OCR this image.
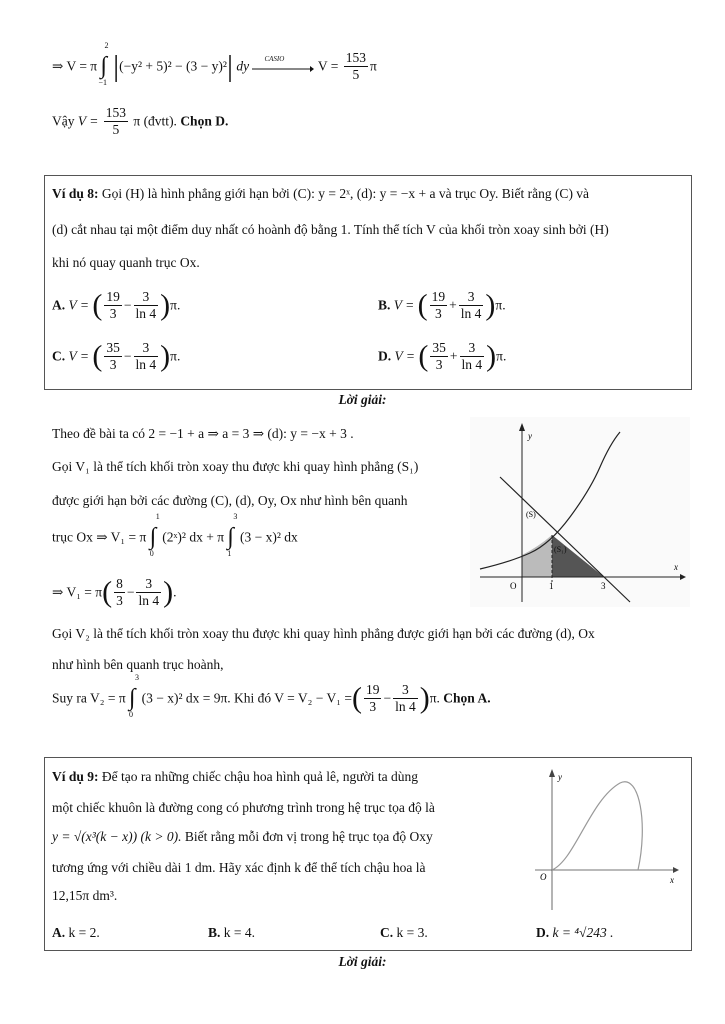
⇒ V = π ∫
2
−1 |(−y² + 5)² − (3 − y)²| dy CASIO $V = \frac{153}{5}$ π
Vậy $V = \frac{153}{5}$ π (đvtt). Chọn D.
Ví dụ 8: Gọi (H) là hình phẳng giới hạn bởi (C): y = 2ˣ, (d): y = −x + a và trục Oy. Biết rằng (C) và
(d) cắt nhau tại một điểm duy nhất có hoành độ bằng 1. Tính thể tích V của khối tròn xoay sinh bởi (H)
khi nó quay quanh trục Ox.
A. V = ( $\frac{19}{3} - \frac{3}{\ln 4} )\pi$.	B. V = ( $\frac{19}{3} + \frac{3}{\ln 4} )\pi$.
C. V = ( $\frac{35}{3} - \frac{3}{\ln 4} )\pi$.	D. V = ( $\frac{35}{3} + \frac{3}{\ln 4} )\pi$.
Lời giải:
Theo đề bài ta có 2 = −1 + a ⇒ a = 3 ⇒ (d): y = −x + 3 .
Gọi V₁ là thể tích khối tròn xoay thu được khi quay hình phẳng (S₁)
được giới hạn bởi các đường (C), (d), Oy, Ox như hình bên quanh
trục Ox ⇒ V₁ = π ∫
1
0
(2ˣ)² dx + π ∫
3
1
(3 − x)² dx
⇒ $V_1 = \pi( \frac{8}{3} - \frac{3}{\ln 4}$ ).
Gọi V₂ là thể tích khối tròn xoay thu được khi quay hình phẳng được giới hạn bởi các đường (d), Ox
như hình bên quanh trục hoành,
Suy ra V₂ = π ∫
3
0
(3 − x)² dx = 9π. Khi đó V = V₂ − V₁ =( $\frac{19}{3} - \frac{3}{\ln 4} )\pi$. Chọn A.
y
x
O	1	3
(S)
(S₁)
Ví dụ 9: Để tạo ra những chiếc chậu hoa hình quả lê, người ta dùng
một chiếc khuôn là đường cong có phương trình trong hệ trục tọa độ là
y = √(x³(k − x)) (k > 0). Biết rằng mỗi đơn vị trong hệ trục tọa độ Oxy
tương ứng với chiều dài 1 dm. Hãy xác định k để thể tích chậu hoa là
12,15π dm³.
A. k = 2.	B. k = 4.	C. k = 3.	D. k = ⁴√243 .
y
x
O
Lời giải:
